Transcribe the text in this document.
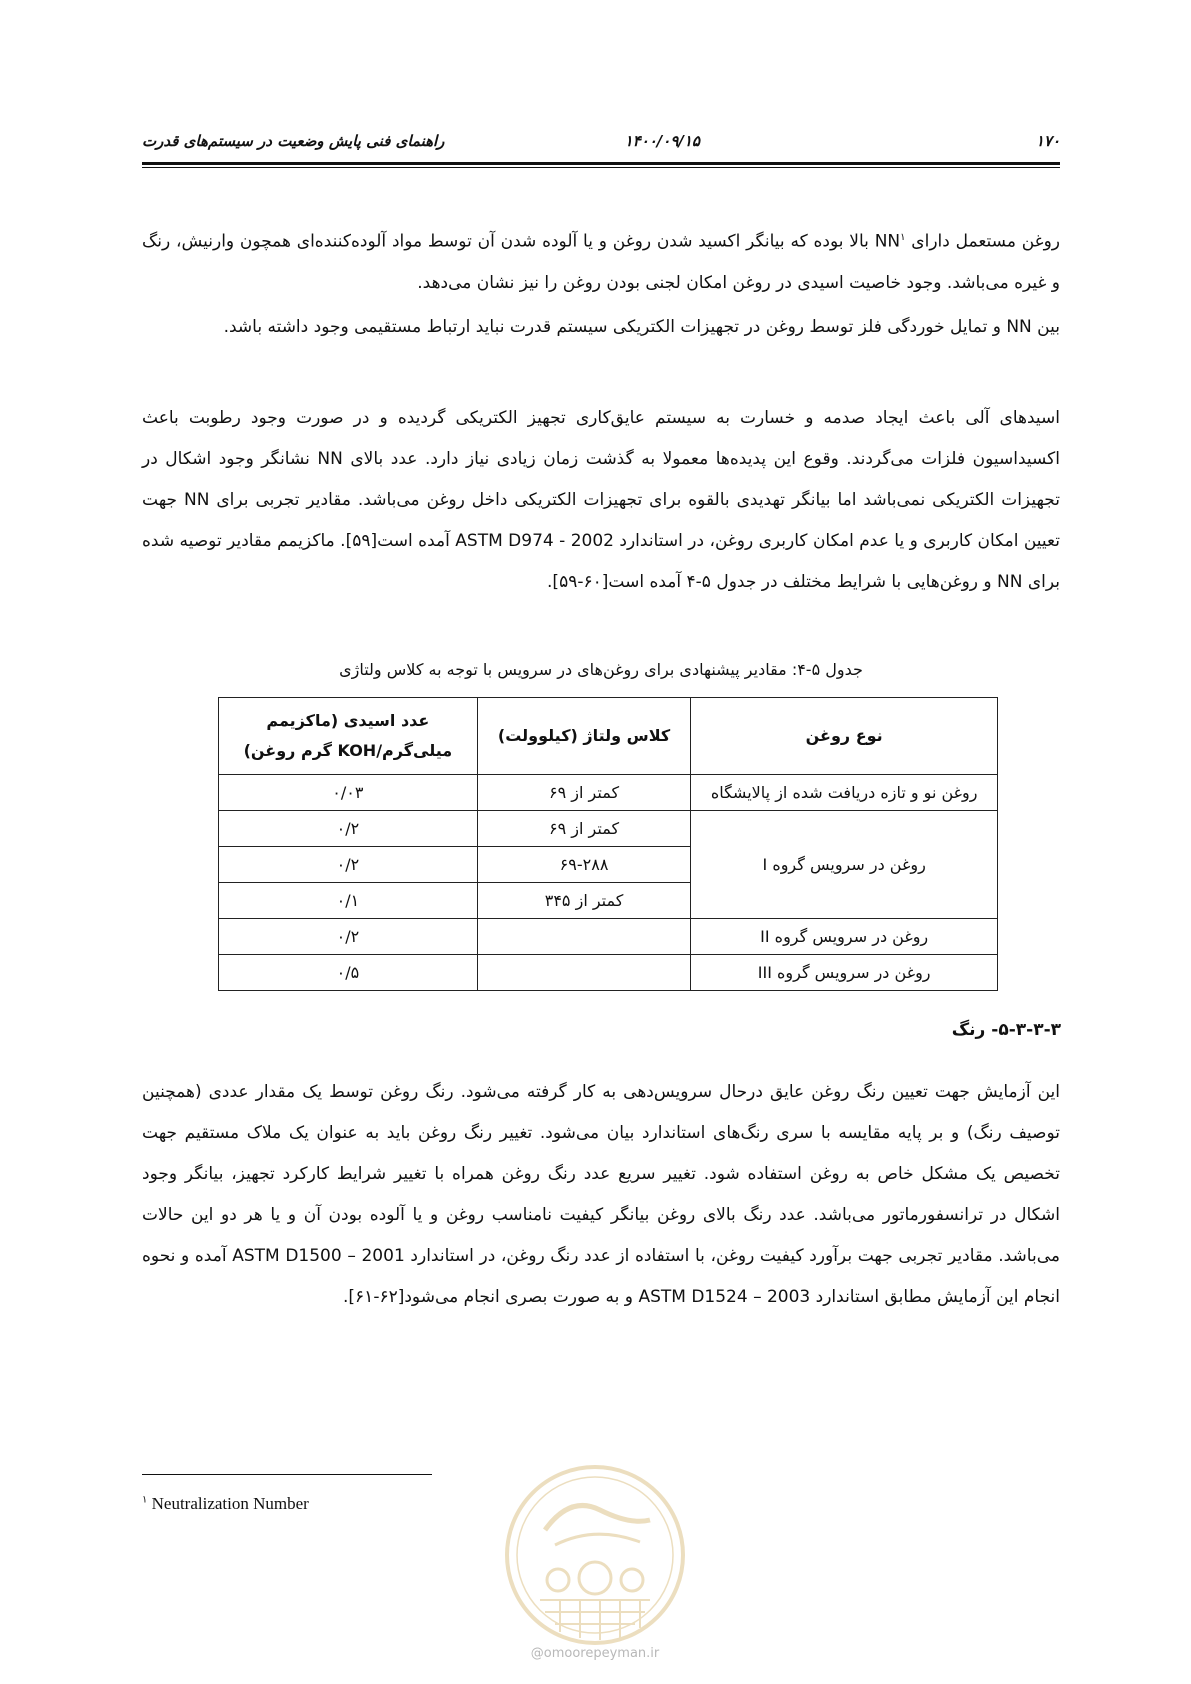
۱۷۰
۱۴۰۰/۰۹/۱۵
راهنمای فنی پایش وضعیت در سیستم‌های قدرت
روغن مستعمل دارای $NN^۱$ بالا بوده که بیانگر اکسید شدن روغن و یا آلوده شدن آن توسط مواد آلوده‌کننده‌ای همچون وارنیش، رنگ و غیره می‌باشد. وجود خاصیت اسیدی در روغن امکان لجنی بودن روغن را نیز نشان می‌دهد.
بین NN و تمایل خوردگی فلز توسط روغن در تجهیزات الکتریکی سیستم قدرت نباید ارتباط مستقیمی وجود داشته باشد.
اسیدهای آلی باعث ایجاد صدمه و خسارت به سیستم عایق‌کاری تجهیز الکتریکی گردیده و در صورت وجود رطوبت باعث اکسیداسیون فلزات می‌گردند. وقوع این پدیده‌ها معمولا به گذشت زمان زیادی نیاز دارد. عدد بالای NN نشانگر وجود اشکال در تجهیزات الکتریکی نمی‌باشد اما بیانگر تهدیدی بالقوه برای تجهیزات الکتریکی داخل روغن می‌باشد. مقادیر تجربی برای NN جهت تعیین امکان کاربری و یا عدم امکان کاربری روغن، در استاندارد ASTM D974 - 2002 آمده است[۵۹]. ماکزیمم مقادیر توصیه شده برای NN و روغن‌هایی با شرایط مختلف در جدول ۵-۴ آمده است[۶۰-۵۹].
جدول ۵-۴: مقادیر پیشنهادی برای روغن‌های در سرویس با توجه به کلاس ولتاژی
نوع روغن	کلاس ولتاژ (کیلوولت)	عدد اسیدی (ماکزیمم
میلی‌گرم/KOH گرم روغن)
روغن نو و تازه دریافت شده از پالایشگاه	کمتر از ۶۹	۰/۰۳
روغن در سرویس گروه I	کمتر از ۶۹	۰/۲
	۶۹-۲۸۸	۰/۲
	کمتر از ۳۴۵	۰/۱
روغن در سرویس گروه II		۰/۲
روغن در سرویس گروه III		۰/۵
۵-۳-۳-۳- رنگ
این آزمایش جهت تعیین رنگ روغن عایق درحال سرویس‌دهی به کار گرفته می‌شود. رنگ روغن توسط یک مقدار عددی (همچنین توصیف رنگ) و بر پایه مقایسه با سری رنگ‌های استاندارد بیان می‌شود. تغییر رنگ روغن باید به عنوان یک ملاک مستقیم جهت تخصیص یک مشکل خاص به روغن استفاده شود. تغییر سریع عدد رنگ روغن همراه با تغییر شرایط کارکرد تجهیز، بیانگر وجود اشکال در ترانسفورماتور می‌باشد. عدد رنگ بالای روغن بیانگر کیفیت نامناسب روغن و یا آلوده بودن آن و یا هر دو این حالات می‌باشد. مقادیر تجربی جهت برآورد کیفیت روغن، با استفاده از عدد رنگ روغن، در استاندارد ASTM D1500 – 2001 آمده و نحوه انجام این آزمایش مطابق استاندارد ASTM D1524 – 2003 و به صورت بصری انجام می‌شود[۶۲-۶۱].
$^۱$ Neutralization Number
@omoorepeyman.ir
